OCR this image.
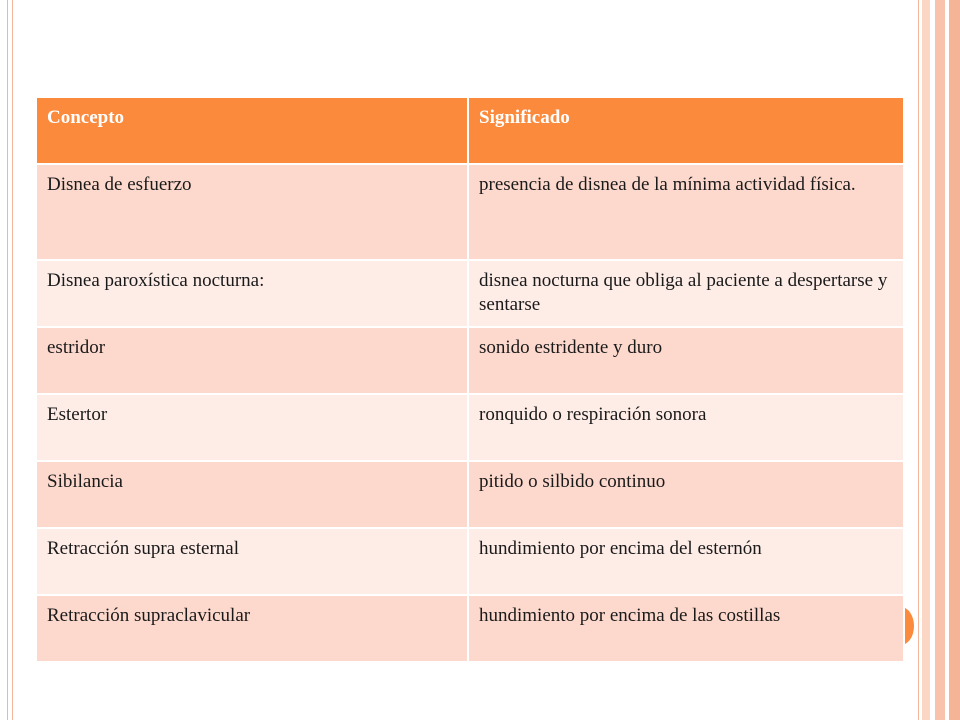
Concepto	Significado
Disnea de esfuerzo	presencia de disnea de la mínima actividad física.
Disnea paroxística nocturna:	disnea nocturna que obliga al paciente a despertarse y sentarse
estridor	sonido estridente y duro
Estertor	ronquido o respiración sonora
Sibilancia	pitido o silbido continuo
Retracción supra esternal	hundimiento por encima del esternón
Retracción supraclavicular	hundimiento por encima de las costillas
